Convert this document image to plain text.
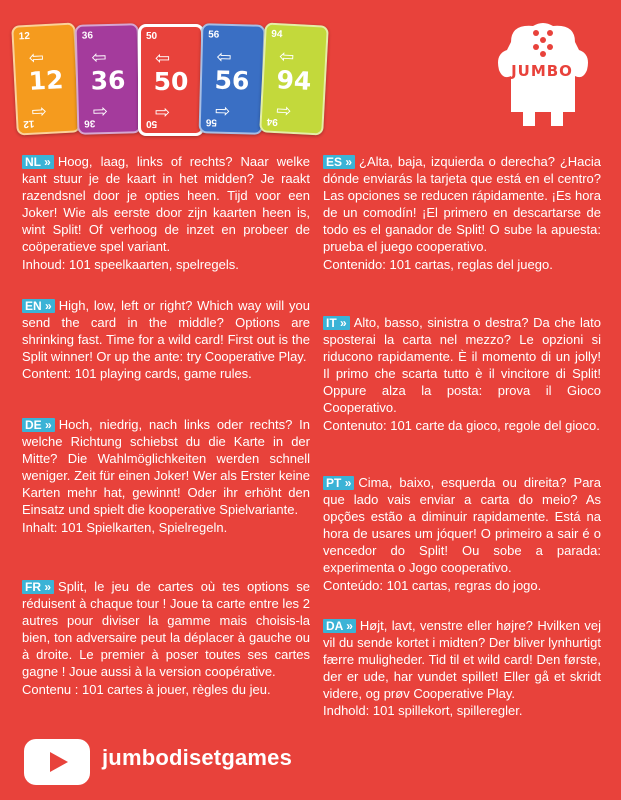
12
⇦
12
⇨
12
36
⇦
36
⇨
36
50
⇦
50
⇨
50
56
⇦
56
⇨
56
94
⇦
94
⇨
94
JUMBO

NL » Hoog, laag, links of rechts? Naar welke kant stuur je de kaart in het midden? Je raakt razendsnel door je opties heen. Tijd voor een Joker! Wie als eerste door zijn kaarten heen is, wint Split! Of verhoog de inzet en probeer de coöperatieve spel variant.

Inhoud: 101 speelkaarten, spelregels.

EN » High, low, left or right? Which way will you send the card in the middle? Options are shrinking fast. Time for a wild card! First out is the Split winner! Or up the ante: try Cooperative Play.

Content: 101 playing cards, game rules.

DE » Hoch, niedrig, nach links oder rechts? In welche Richtung schiebst du die Karte in der Mitte? Die Wahlmöglichkeiten werden schnell weniger. Zeit für einen Joker! Wer als Erster keine Karten mehr hat, gewinnt! Oder ihr erhöht den Einsatz und spielt die kooperative Spielvariante.

Inhalt: 101 Spielkarten, Spielregeln.

FR » Split, le jeu de cartes où tes options se réduisent à chaque tour ! Joue ta carte entre les 2 autres pour diviser la gamme mais choisis-la bien, ton adversaire peut la déplacer à gauche ou à droite. Le premier à poser toutes ses cartes gagne ! Joue aussi à la version coopérative.

Contenu : 101 cartes à jouer, règles du jeu.

ES » ¿Alta, baja, izquierda o derecha? ¿Hacia dónde enviarás la tarjeta que está en el centro? Las opciones se reducen rápidamente. ¡Es hora de un comodín! ¡El primero en descartarse de todo es el ganador de Split! O sube la apuesta: prueba el juego cooperativo.

Contenido: 101 cartas, reglas del juego.

IT » Alto, basso, sinistra o destra? Da che lato sposterai la carta nel mezzo? Le opzioni si riducono rapidamente. È il momento di un jolly! Il primo che scarta tutto è il vincitore di Split! Oppure alza la posta: prova il Gioco Cooperativo.

Contenuto: 101 carte da gioco, regole del gioco.

PT » Cima, baixo, esquerda ou direita? Para que lado vais enviar a carta do meio? As opções estão a diminuir rapidamente. Está na hora de usares um jóquer! O primeiro a sair é o vencedor do Split! Ou sobe a parada: experimenta o Jogo cooperativo.

Conteúdo: 101 cartas, regras do jogo.

DA » Højt, lavt, venstre eller højre? Hvilken vej vil du sende kortet i midten? Der bliver lynhurtigt færre muligheder. Tid til et wild card! Den første, der er ude, har vundet spillet! Eller gå et skridt videre, og prøv Cooperative Play.

Indhold: 101 spillekort, spilleregler.

jumbodisetgames
